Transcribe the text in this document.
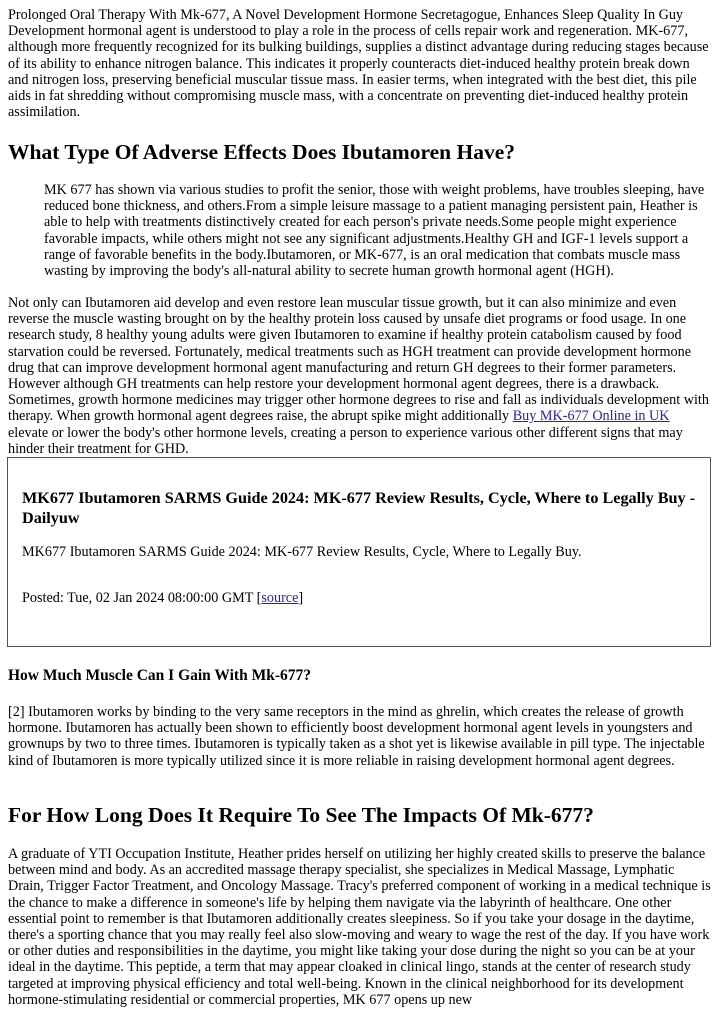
Prolonged Oral Therapy With Mk-677, A Novel Development Hormone Secretagogue, Enhances Sleep Quality In Guy Development hormonal agent is understood to play a role in the process of cells repair work and regeneration. MK-677, although more frequently recognized for its bulking buildings, supplies a distinct advantage during reducing stages because of its ability to enhance nitrogen balance. This indicates it properly counteracts diet-induced healthy protein break down and nitrogen loss, preserving beneficial muscular tissue mass. In easier terms, when integrated with the best diet, this pile aids in fat shredding without compromising muscle mass, with a concentrate on preventing diet-induced healthy protein assimilation.

What Type Of Adverse Effects Does Ibutamoren Have?

MK 677 has shown via various studies to profit the senior, those with weight problems, have troubles sleeping, have reduced bone thickness, and others.From a simple leisure massage to a patient managing persistent pain, Heather is able to help with treatments distinctively created for each person's private needs.Some people might experience favorable impacts, while others might not see any significant adjustments.Healthy GH and IGF-1 levels support a range of favorable benefits in the body.Ibutamoren, or MK-677, is an oral medication that combats muscle mass wasting by improving the body's all-natural ability to secrete human growth hormonal agent (HGH).

Not only can Ibutamoren aid develop and even restore lean muscular tissue growth, but it can also minimize and even reverse the muscle wasting brought on by the healthy protein loss caused by unsafe diet programs or food usage. In one research study, 8 healthy young adults were given Ibutamoren to examine if healthy protein catabolism caused by food starvation could be reversed. Fortunately, medical treatments such as HGH treatment can provide development hormone drug that can improve development hormonal agent manufacturing and return GH degrees to their former parameters. However although GH treatments can help restore your development hormonal agent degrees, there is a drawback. Sometimes, growth hormone medicines may trigger other hormone degrees to rise and fall as individuals development with therapy. When growth hormonal agent degrees raise, the abrupt spike might additionally Buy MK-677 Online in UK elevate or lower the body's other hormone levels, creating a person to experience various other different signs that may hinder their treatment for GHD.

MK677 Ibutamoren SARMS Guide 2024: MK-677 Review Results, Cycle, Where to Legally Buy - Dailyuw

MK677 Ibutamoren SARMS Guide 2024: MK-677 Review Results, Cycle, Where to Legally Buy.

Posted: Tue, 02 Jan 2024 08:00:00 GMT [source]

How Much Muscle Can I Gain With Mk-677?

[2] Ibutamoren works by binding to the very same receptors in the mind as ghrelin, which creates the release of growth hormone. Ibutamoren has actually been shown to efficiently boost development hormonal agent levels in youngsters and grownups by two to three times. Ibutamoren is typically taken as a shot yet is likewise available in pill type. The injectable kind of Ibutamoren is more typically utilized since it is more reliable in raising development hormonal agent degrees.

For How Long Does It Require To See The Impacts Of Mk-677?

A graduate of YTI Occupation Institute, Heather prides herself on utilizing her highly created skills to preserve the balance between mind and body. As an accredited massage therapy specialist, she specializes in Medical Massage, Lymphatic Drain, Trigger Factor Treatment, and Oncology Massage. Tracy's preferred component of working in a medical technique is the chance to make a difference in someone's life by helping them navigate via the labyrinth of healthcare. One other essential point to remember is that Ibutamoren additionally creates sleepiness. So if you take your dosage in the daytime, there's a sporting chance that you may really feel also slow-moving and weary to wage the rest of the day. If you have work or other duties and responsibilities in the daytime, you might like taking your dose during the night so you can be at your ideal in the daytime. This peptide, a term that may appear cloaked in clinical lingo, stands at the center of research study targeted at improving physical efficiency and total well-being. Known in the clinical neighborhood for its development hormone-stimulating residential or commercial properties, MK 677 opens up new
